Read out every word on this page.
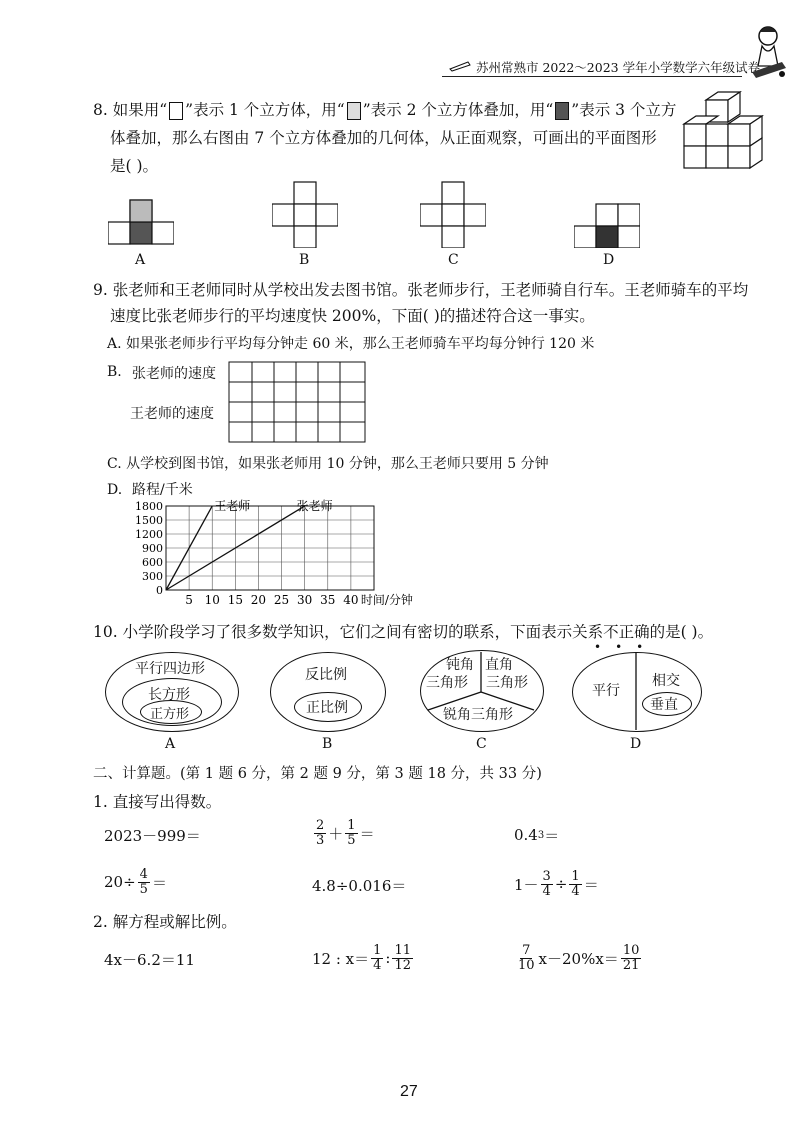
苏州常熟市 2022～2023 学年小学数学六年级试卷
8. 如果用“ ”表示 1 个立方体，用“ ”表示 2 个立方体叠加，用“ ”表示 3 个立方
体叠加，那么右图由 7 个立方体叠加的几何体，从正面观察，可画出的平面图形
是( )。
A	B	C	D
9. 张老师和王老师同时从学校出发去图书馆。张老师步行，王老师骑自行车。王老师骑车的平均
速度比张老师步行的平均速度快 200%，下面( )的描述符合这一事实。
A. 如果张老师步行平均每分钟走 60 米，那么王老师骑车平均每分钟行 120 米
B. 张老师的速度
王老师的速度
C. 从学校到图书馆，如果张老师用 10 分钟，那么王老师只要用 5 分钟
D. 路程/千米
0
300
600
900
1200
1500
1800
5 10 15 20 25 30 35 40 时间/分钟
王老师	张老师
10. 小学阶段学习了很多数学知识，它们之间有密切的联系，下面表示关系不正确的是( )。
平行四边形
长方形
正方形
A
反比例
正比例
B
钝角
三角形
直角
三角形
锐角三角形
C
•••
平行
相交
垂直
D
二、计算题。(第 1 题 6 分，第 2 题 9 分，第 3 题 18 分，共 33 分)
1. 直接写出得数。
2023－999＝	$\frac{2}{3} + \frac{1}{5}$ ＝	0.4 3 ＝
$20\div \frac{4}{5}$ ＝	4.8÷0.016＝	$1- \frac{3}{4} \div \frac{1}{4}$ ＝
2. 解方程或解比例。
4x－6.2＝11	12 : $x= \frac{1}{4}$ : $\frac{11}{12}$	$\frac{7}{10} x-20\%x= \frac{10}{21}$
27
